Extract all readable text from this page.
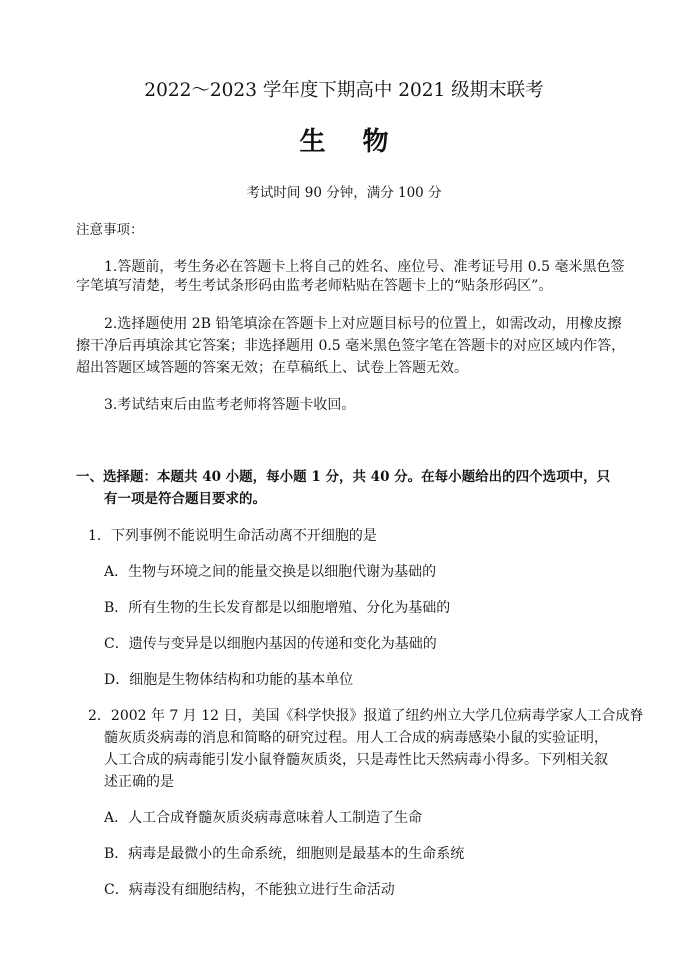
2022～2023 学年度下期高中 2021 级期末联考
生 物
考试时间 90 分钟，满分 100 分
注意事项：
1.答题前，考生务必在答题卡上将自己的姓名、座位号、准考证号用 0.5 毫米黑色签
字笔填写清楚，考生考试条形码由监考老师粘贴在答题卡上的“贴条形码区”。
2.选择题使用 2B 铅笔填涂在答题卡上对应题目标号的位置上，如需改动，用橡皮擦
擦干净后再填涂其它答案；非选择题用 0.5 毫米黑色签字笔在答题卡的对应区域内作答，
超出答题区域答题的答案无效；在草稿纸上、试卷上答题无效。
3.考试结束后由监考老师将答题卡收回。
一、选择题：本题共 40 小题，每小题 1 分，共 40 分。在每小题给出的四个选项中，只
有一项是符合题目要求的。
1．下列事例不能说明生命活动离不开细胞的是
A．生物与环境之间的能量交换是以细胞代谢为基础的
B．所有生物的生长发育都是以细胞增殖、分化为基础的
C．遗传与变异是以细胞内基因的传递和变化为基础的
D．细胞是生物体结构和功能的基本单位
2．2002 年 7 月 12 日，美国《科学快报》报道了纽约州立大学几位病毒学家人工合成脊
髓灰质炎病毒的消息和简略的研究过程。用人工合成的病毒感染小鼠的实验证明，
人工合成的病毒能引发小鼠脊髓灰质炎，只是毒性比天然病毒小得多。下列相关叙
述正确的是
A．人工合成脊髓灰质炎病毒意味着人工制造了生命
B．病毒是最微小的生命系统，细胞则是最基本的生命系统
C．病毒没有细胞结构，不能独立进行生命活动
